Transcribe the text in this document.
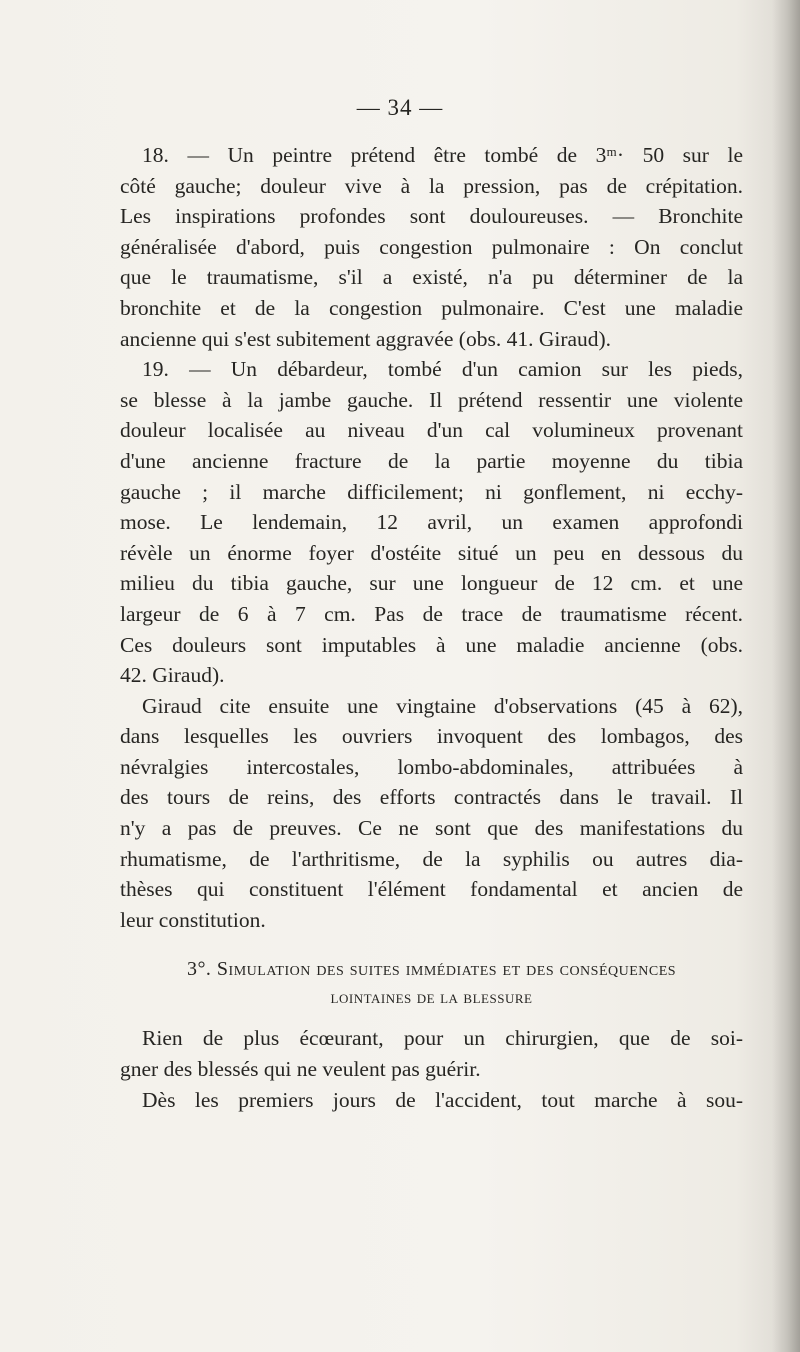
— 34 —
18. — Un peintre prétend être tombé de 3ᵐ· 50 sur le
côté gauche; douleur vive à la pression, pas de crépitation.
Les inspirations profondes sont douloureuses. — Bronchite
généralisée d'abord, puis congestion pulmonaire : On conclut
que le traumatisme, s'il a existé, n'a pu déterminer de la
bronchite et de la congestion pulmonaire. C'est une maladie
ancienne qui s'est subitement aggravée (obs. 41. Giraud).
19. — Un débardeur, tombé d'un camion sur les pieds,
se blesse à la jambe gauche. Il prétend ressentir une violente
douleur localisée au niveau d'un cal volumineux provenant
d'une ancienne fracture de la partie moyenne du tibia
gauche ; il marche difficilement; ni gonflement, ni ecchy-
mose. Le lendemain, 12 avril, un examen approfondi
révèle un énorme foyer d'ostéite situé un peu en dessous du
milieu du tibia gauche, sur une longueur de 12 cm. et une
largeur de 6 à 7 cm. Pas de trace de traumatisme récent.
Ces douleurs sont imputables à une maladie ancienne (obs.
42. Giraud).
Giraud cite ensuite une vingtaine d'observations (45 à 62),
dans lesquelles les ouvriers invoquent des lombagos, des
névralgies intercostales, lombo-abdominales, attribuées à
des tours de reins, des efforts contractés dans le travail. Il
n'y a pas de preuves. Ce ne sont que des manifestations du
rhumatisme, de l'arthritisme, de la syphilis ou autres dia-
thèses qui constituent l'élément fondamental et ancien de
leur constitution.
3°. Simulation des suites immédiates et des conséquences
lointaines de la blessure
Rien de plus écœurant, pour un chirurgien, que de soi-
gner des blessés qui ne veulent pas guérir.
Dès les premiers jours de l'accident, tout marche à sou-
